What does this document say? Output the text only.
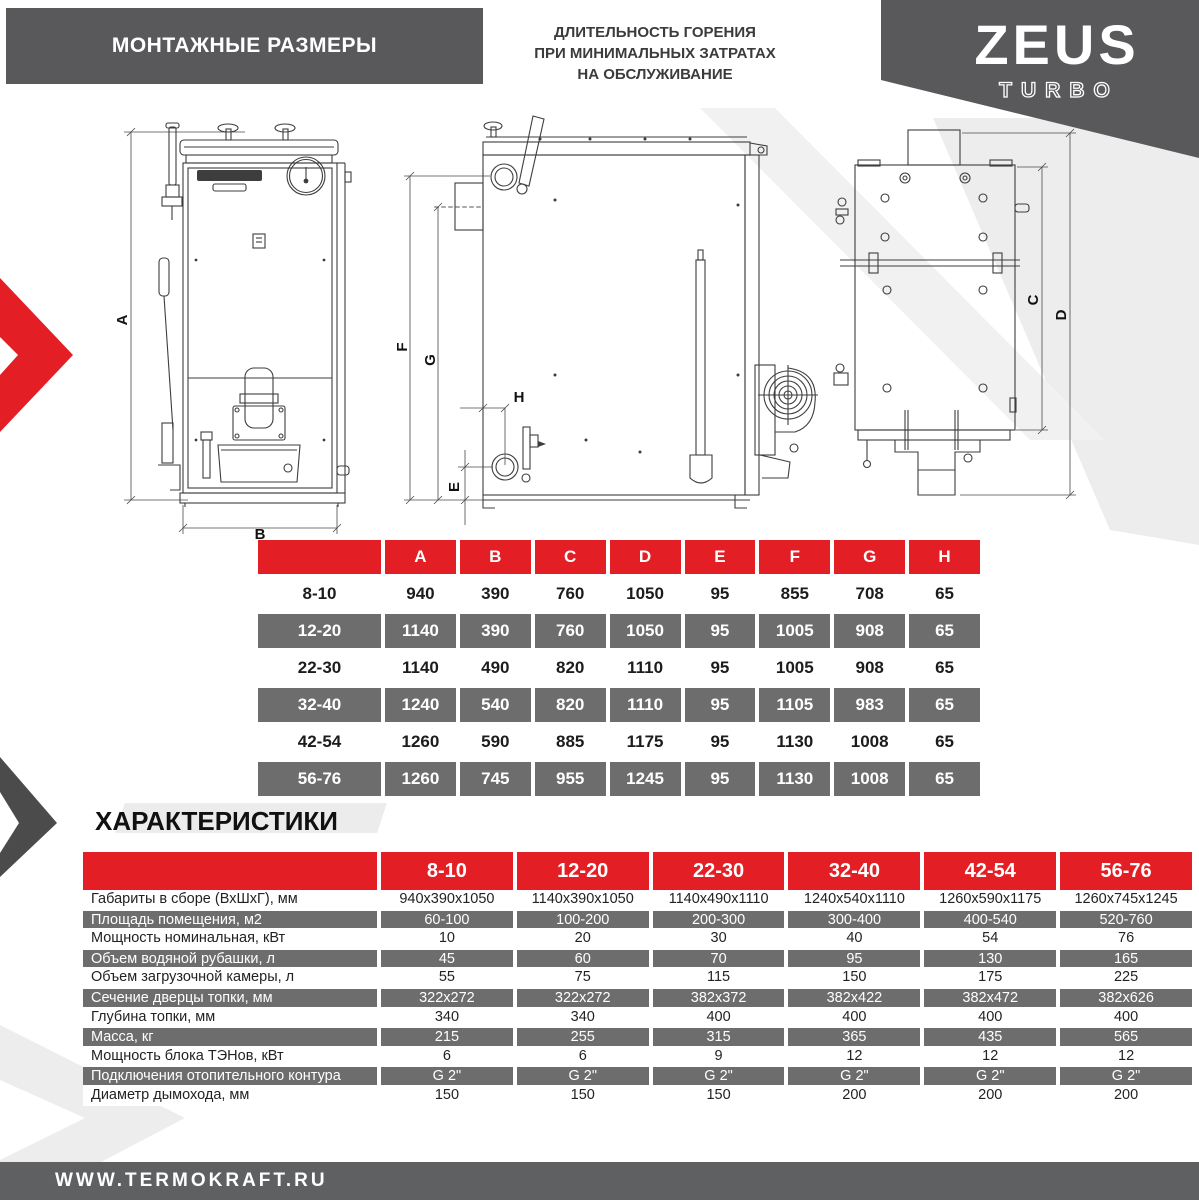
МОНТАЖНЫЕ РАЗМЕРЫ
ДЛИТЕЛЬНОСТЬ ГОРЕНИЯ
ПРИ МИНИМАЛЬНЫХ ЗАТРАТАХ
НА ОБСЛУЖИВАНИЕ	ZEUS
TURBO
A
B
F
G
H
E
C
D
A	B	C	D	E	F	G	H
8-10	940	390	760	1050	95	855	708	65
12-20	1140	390	760	1050	95	1005	908	65
22-30	1140	490	820	1110	95	1005	908	65
32-40	1240	540	820	1110	95	1105	983	65
42-54	1260	590	885	1175	95	1130	1008	65
56-76	1260	745	955	1245	95	1130	1008	65
ХАРАКТЕРИСТИКИ
8-10	12-20	22-30	32-40	42-54	56-76
Габариты в сборе (ВхШхГ), мм	940x390x1050	1140x390x1050	1140x490x1110	1240x540x1110	1260x590x1175	1260x745x1245
Площадь помещения, м2	60-100	100-200	200-300	300-400	400-540	520-760
Мощность номинальная, кВт	10	20	30	40	54	76
Объем водяной рубашки, л	45	60	70	95	130	165
Объем загрузочной камеры, л	55	75	115	150	175	225
Сечение дверцы топки, мм	322x272	322x272	382x372	382x422	382x472	382x626
Глубина топки, мм	340	340	400	400	400	400
Масса, кг	215	255	315	365	435	565
Мощность блока ТЭНов, кВт	6	6	9	12	12	12
Подключения отопительного контура	G 2"	G 2"	G 2"	G 2"	G 2"	G 2"
Диаметр дымохода, мм	150	150	150	200	200	200
WWW.TERMOKRAFT.RU
